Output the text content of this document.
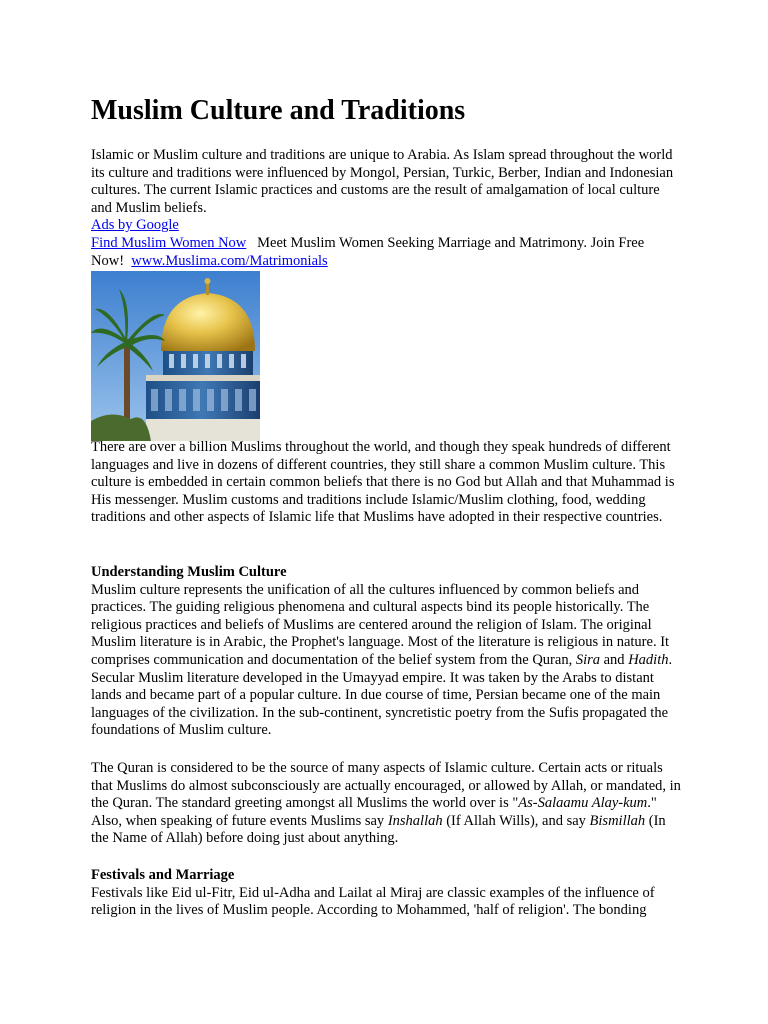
Muslim Culture and Traditions

Islamic or Muslim culture and traditions are unique to Arabia. As Islam spread throughout the world its culture and traditions were influenced by Mongol, Persian, Turkic, Berber, Indian and Indonesian cultures. The current Islamic practices and customs are the result of amalgamation of local culture and Muslim beliefs.

Ads by Google
Find Muslim Women Now Meet Muslim Women Seeking Marriage and Matrimony. Join Free Now! www.Muslima.com/Matrimonials

There are over a billion Muslims throughout the world, and though they speak hundreds of different languages and live in dozens of different countries, they still share a common Muslim culture. This culture is embedded in certain common beliefs that there is no God but Allah and that Muhammad is His messenger. Muslim customs and traditions include Islamic/Muslim clothing, food, wedding traditions and other aspects of Islamic life that Muslims have adopted in their respective countries.

Understanding Muslim Culture

Muslim culture represents the unification of all the cultures influenced by common beliefs and practices. The guiding religious phenomena and cultural aspects bind its people historically. The religious practices and beliefs of Muslims are centered around the religion of Islam. The original Muslim literature is in Arabic, the Prophet's language. Most of the literature is religious in nature. It comprises communication and documentation of the belief system from the Quran, Sira and Hadith. Secular Muslim literature developed in the Umayyad empire. It was taken by the Arabs to distant lands and became part of a popular culture. In due course of time, Persian became one of the main languages of the civilization. In the sub-continent, syncretistic poetry from the Sufis propagated the foundations of Muslim culture.

The Quran is considered to be the source of many aspects of Islamic culture. Certain acts or rituals that Muslims do almost subconsciously are actually encouraged, or allowed by Allah, or mandated, in the Quran. The standard greeting amongst all Muslims the world over is "As-Salaamu Alay-kum." Also, when speaking of future events Muslims say Inshallah (If Allah Wills), and say Bismillah (In the Name of Allah) before doing just about anything.

Festivals and Marriage

Festivals like Eid ul-Fitr, Eid ul-Adha and Lailat al Miraj are classic examples of the influence of religion in the lives of Muslim people. According to Mohammed, 'half of religion'. The bonding
